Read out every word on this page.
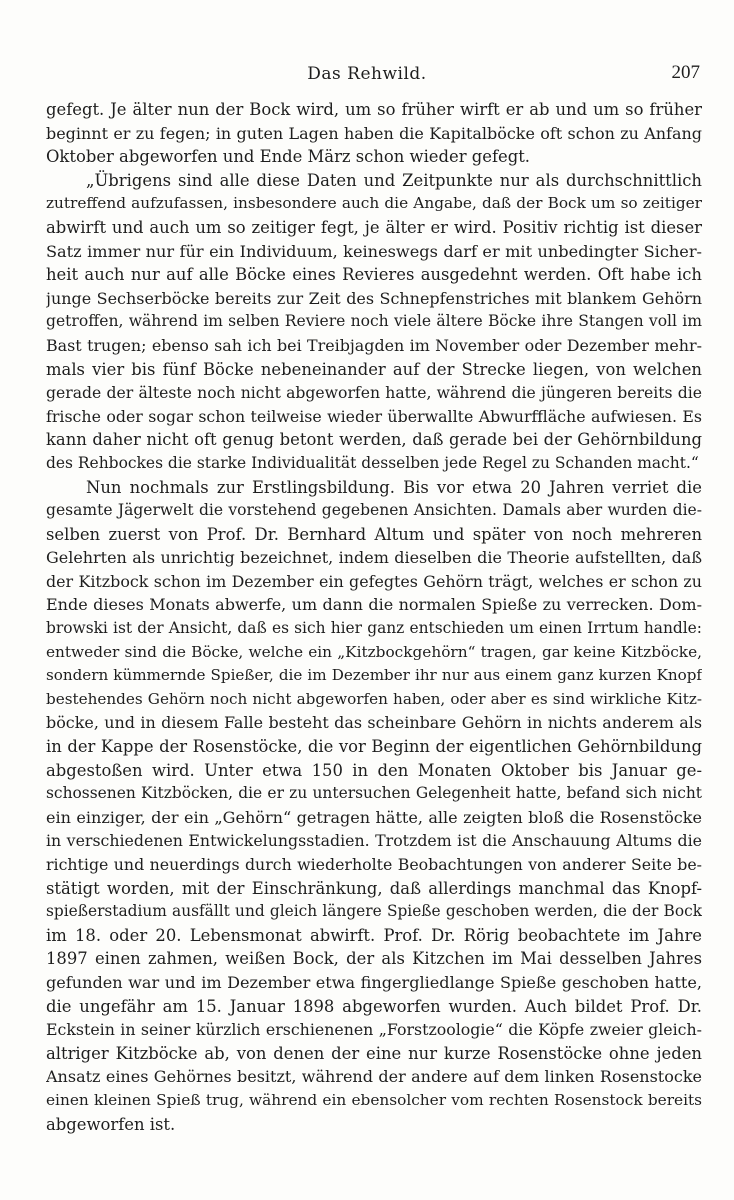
Das Rehwild.	207
gefegt. Je älter nun der Bock wird, um so früher wirft er ab und um so früher
beginnt er zu fegen; in guten Lagen haben die Kapitalböcke oft schon zu Anfang
Oktober abgeworfen und Ende März schon wieder gefegt.
„Übrigens sind alle diese Daten und Zeitpunkte nur als durchschnittlich
zutreffend aufzufassen, insbesondere auch die Angabe, daß der Bock um so zeitiger
abwirft und auch um so zeitiger fegt, je älter er wird. Positiv richtig ist dieser
Satz immer nur für ein Individuum, keineswegs darf er mit unbedingter Sicher-
heit auch nur auf alle Böcke eines Revieres ausgedehnt werden. Oft habe ich
junge Sechserböcke bereits zur Zeit des Schnepfenstriches mit blankem Gehörn
getroffen, während im selben Reviere noch viele ältere Böcke ihre Stangen voll im
Bast trugen; ebenso sah ich bei Treibjagden im November oder Dezember mehr-
mals vier bis fünf Böcke nebeneinander auf der Strecke liegen, von welchen
gerade der älteste noch nicht abgeworfen hatte, während die jüngeren bereits die
frische oder sogar schon teilweise wieder überwallte Abwurffläche aufwiesen. Es
kann daher nicht oft genug betont werden, daß gerade bei der Gehörnbildung
des Rehbockes die starke Individualität desselben jede Regel zu Schanden macht.“
Nun nochmals zur Erstlingsbildung. Bis vor etwa 20 Jahren verriet die
gesamte Jägerwelt die vorstehend gegebenen Ansichten. Damals aber wurden die-
selben zuerst von Prof. Dr. Bernhard Altum und später von noch mehreren
Gelehrten als unrichtig bezeichnet, indem dieselben die Theorie aufstellten, daß
der Kitzbock schon im Dezember ein gefegtes Gehörn trägt, welches er schon zu
Ende dieses Monats abwerfe, um dann die normalen Spieße zu verrecken. Dom-
browski ist der Ansicht, daß es sich hier ganz entschieden um einen Irrtum handle:
entweder sind die Böcke, welche ein „Kitzbockgehörn“ tragen, gar keine Kitzböcke,
sondern kümmernde Spießer, die im Dezember ihr nur aus einem ganz kurzen Knopf
bestehendes Gehörn noch nicht abgeworfen haben, oder aber es sind wirkliche Kitz-
böcke, und in diesem Falle besteht das scheinbare Gehörn in nichts anderem als
in der Kappe der Rosenstöcke, die vor Beginn der eigentlichen Gehörnbildung
abgestoßen wird. Unter etwa 150 in den Monaten Oktober bis Januar ge-
schossenen Kitzböcken, die er zu untersuchen Gelegenheit hatte, befand sich nicht
ein einziger, der ein „Gehörn“ getragen hätte, alle zeigten bloß die Rosenstöcke
in verschiedenen Entwickelungsstadien. Trotzdem ist die Anschauung Altums die
richtige und neuerdings durch wiederholte Beobachtungen von anderer Seite be-
stätigt worden, mit der Einschränkung, daß allerdings manchmal das Knopf-
spießerstadium ausfällt und gleich längere Spieße geschoben werden, die der Bock
im 18. oder 20. Lebensmonat abwirft. Prof. Dr. Rörig beobachtete im Jahre
1897 einen zahmen, weißen Bock, der als Kitzchen im Mai desselben Jahres
gefunden war und im Dezember etwa fingergliedlange Spieße geschoben hatte,
die ungefähr am 15. Januar 1898 abgeworfen wurden. Auch bildet Prof. Dr.
Eckstein in seiner kürzlich erschienenen „Forstzoologie“ die Köpfe zweier gleich-
altriger Kitzböcke ab, von denen der eine nur kurze Rosenstöcke ohne jeden
Ansatz eines Gehörnes besitzt, während der andere auf dem linken Rosenstocke
einen kleinen Spieß trug, während ein ebensolcher vom rechten Rosenstock bereits
abgeworfen ist.
